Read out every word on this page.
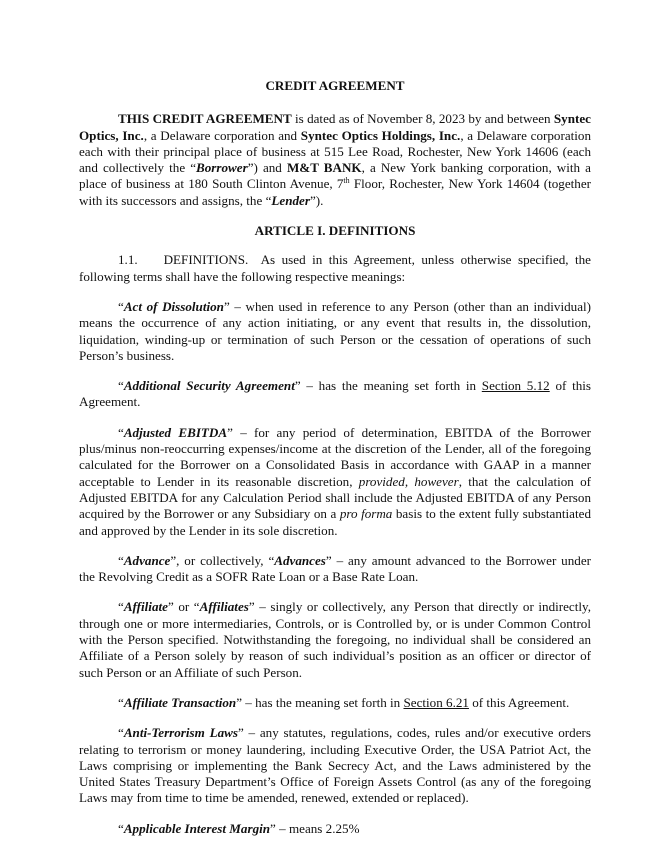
CREDIT AGREEMENT

THIS CREDIT AGREEMENT is dated as of November 8, 2023 by and between Syntec Optics, Inc., a Delaware corporation and Syntec Optics Holdings, Inc., a Delaware corporation each with their principal place of business at 515 Lee Road, Rochester, New York 14606 (each and collectively the “Borrower”) and M&T BANK, a New York banking corporation, with a place of business at 180 South Clinton Avenue, 7th Floor, Rochester, New York 14604 (together with its successors and assigns, the “Lender”).

ARTICLE I. DEFINITIONS

1.1. DEFINITIONS. As used in this Agreement, unless otherwise specified, the following terms shall have the following respective meanings:

“Act of Dissolution” – when used in reference to any Person (other than an individual) means the occurrence of any action initiating, or any event that results in, the dissolution, liquidation, winding-up or termination of such Person or the cessation of operations of such Person’s business.

“Additional Security Agreement” – has the meaning set forth in Section 5.12 of this Agreement.

“Adjusted EBITDA” – for any period of determination, EBITDA of the Borrower plus/minus non-reoccurring expenses/income at the discretion of the Lender, all of the foregoing calculated for the Borrower on a Consolidated Basis in accordance with GAAP in a manner acceptable to Lender in its reasonable discretion, provided, however, that the calculation of Adjusted EBITDA for any Calculation Period shall include the Adjusted EBITDA of any Person acquired by the Borrower or any Subsidiary on a pro forma basis to the extent fully substantiated and approved by the Lender in its sole discretion.

“Advance”, or collectively, “Advances” – any amount advanced to the Borrower under the Revolving Credit as a SOFR Rate Loan or a Base Rate Loan.

“Affiliate” or “Affiliates” – singly or collectively, any Person that directly or indirectly, through one or more intermediaries, Controls, or is Controlled by, or is under Common Control with the Person specified. Notwithstanding the foregoing, no individual shall be considered an Affiliate of a Person solely by reason of such individual’s position as an officer or director of such Person or an Affiliate of such Person.

“Affiliate Transaction” – has the meaning set forth in Section 6.21 of this Agreement.

“Anti-Terrorism Laws” – any statutes, regulations, codes, rules and/or executive orders relating to terrorism or money laundering, including Executive Order, the USA Patriot Act, the Laws comprising or implementing the Bank Secrecy Act, and the Laws administered by the United States Treasury Department’s Office of Foreign Assets Control (as any of the foregoing Laws may from time to time be amended, renewed, extended or replaced).

“Applicable Interest Margin” – means 2.25%
